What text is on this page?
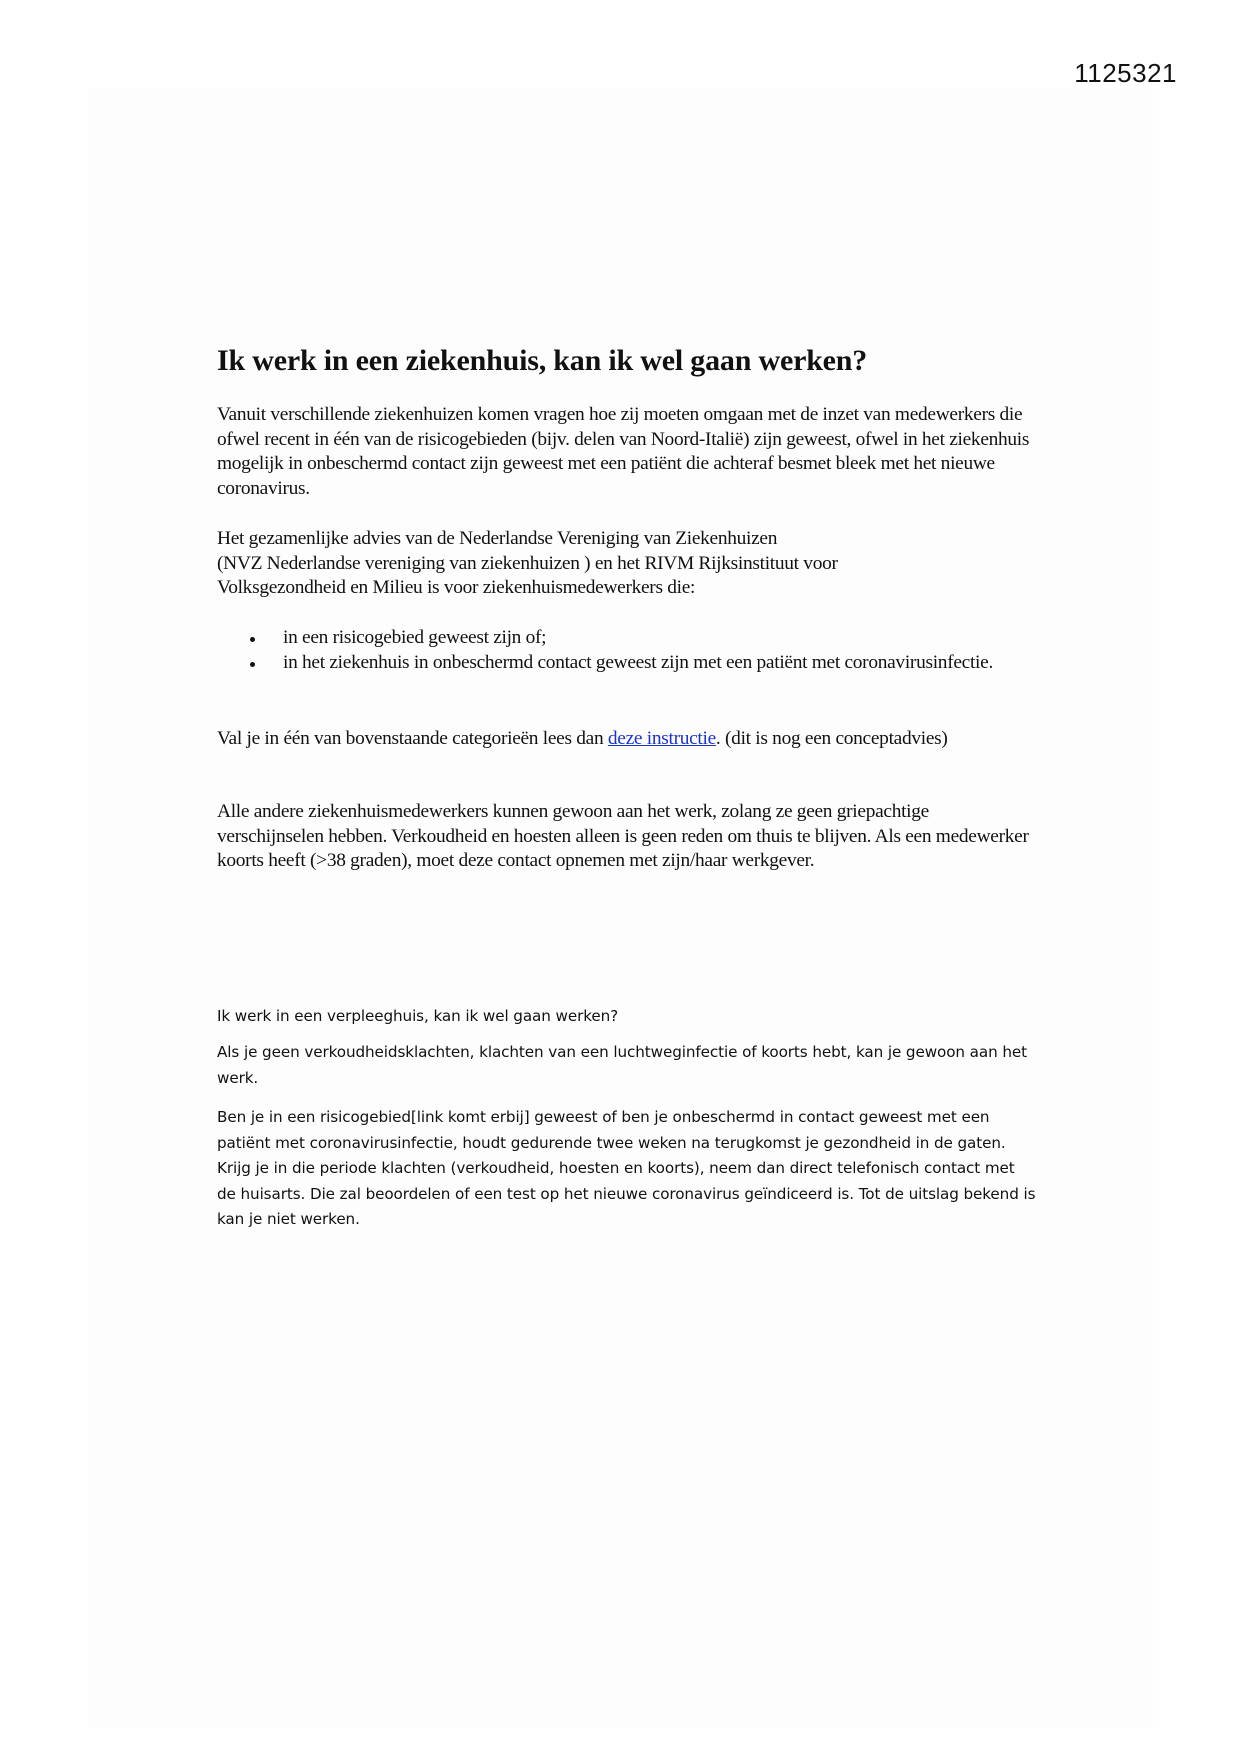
1125321
Ik werk in een ziekenhuis, kan ik wel gaan werken?

Vanuit verschillende ziekenhuizen komen vragen hoe zij moeten omgaan met de inzet van medewerkers die ofwel recent in één van de risicogebieden (bijv. delen van Noord-Italië) zijn geweest, ofwel in het ziekenhuis mogelijk in onbeschermd contact zijn geweest met een patiënt die achteraf besmet bleek met het nieuwe coronavirus.

Het gezamenlijke advies van de Nederlandse Vereniging van Ziekenhuizen
(NVZ Nederlandse vereniging van ziekenhuizen ) en het RIVM Rijksinstituut voor
Volksgezondheid en Milieu is voor ziekenhuismedewerkers die:

in een risicogebied geweest zijn of;
in het ziekenhuis in onbeschermd contact geweest zijn met een patiënt met coronavirusinfectie.

Val je in één van bovenstaande categorieën lees dan deze instructie. (dit is nog een conceptadvies)

Alle andere ziekenhuismedewerkers kunnen gewoon aan het werk, zolang ze geen griepachtige verschijnselen hebben. Verkoudheid en hoesten alleen is geen reden om thuis te blijven. Als een medewerker koorts heeft (>38 graden), moet deze contact opnemen met zijn/haar werkgever.

Ik werk in een verpleeghuis, kan ik wel gaan werken?

Als je geen verkoudheidsklachten, klachten van een luchtweginfectie of koorts hebt, kan je gewoon aan het werk.

Ben je in een risicogebied[link komt erbij] geweest of ben je onbeschermd in contact geweest met een patiënt met coronavirusinfectie, houdt gedurende twee weken na terugkomst je gezondheid in de gaten. Krijg je in die periode klachten (verkoudheid, hoesten en koorts), neem dan direct telefonisch contact met de huisarts. Die zal beoordelen of een test op het nieuwe coronavirus geïndiceerd is. Tot de uitslag bekend is kan je niet werken.
